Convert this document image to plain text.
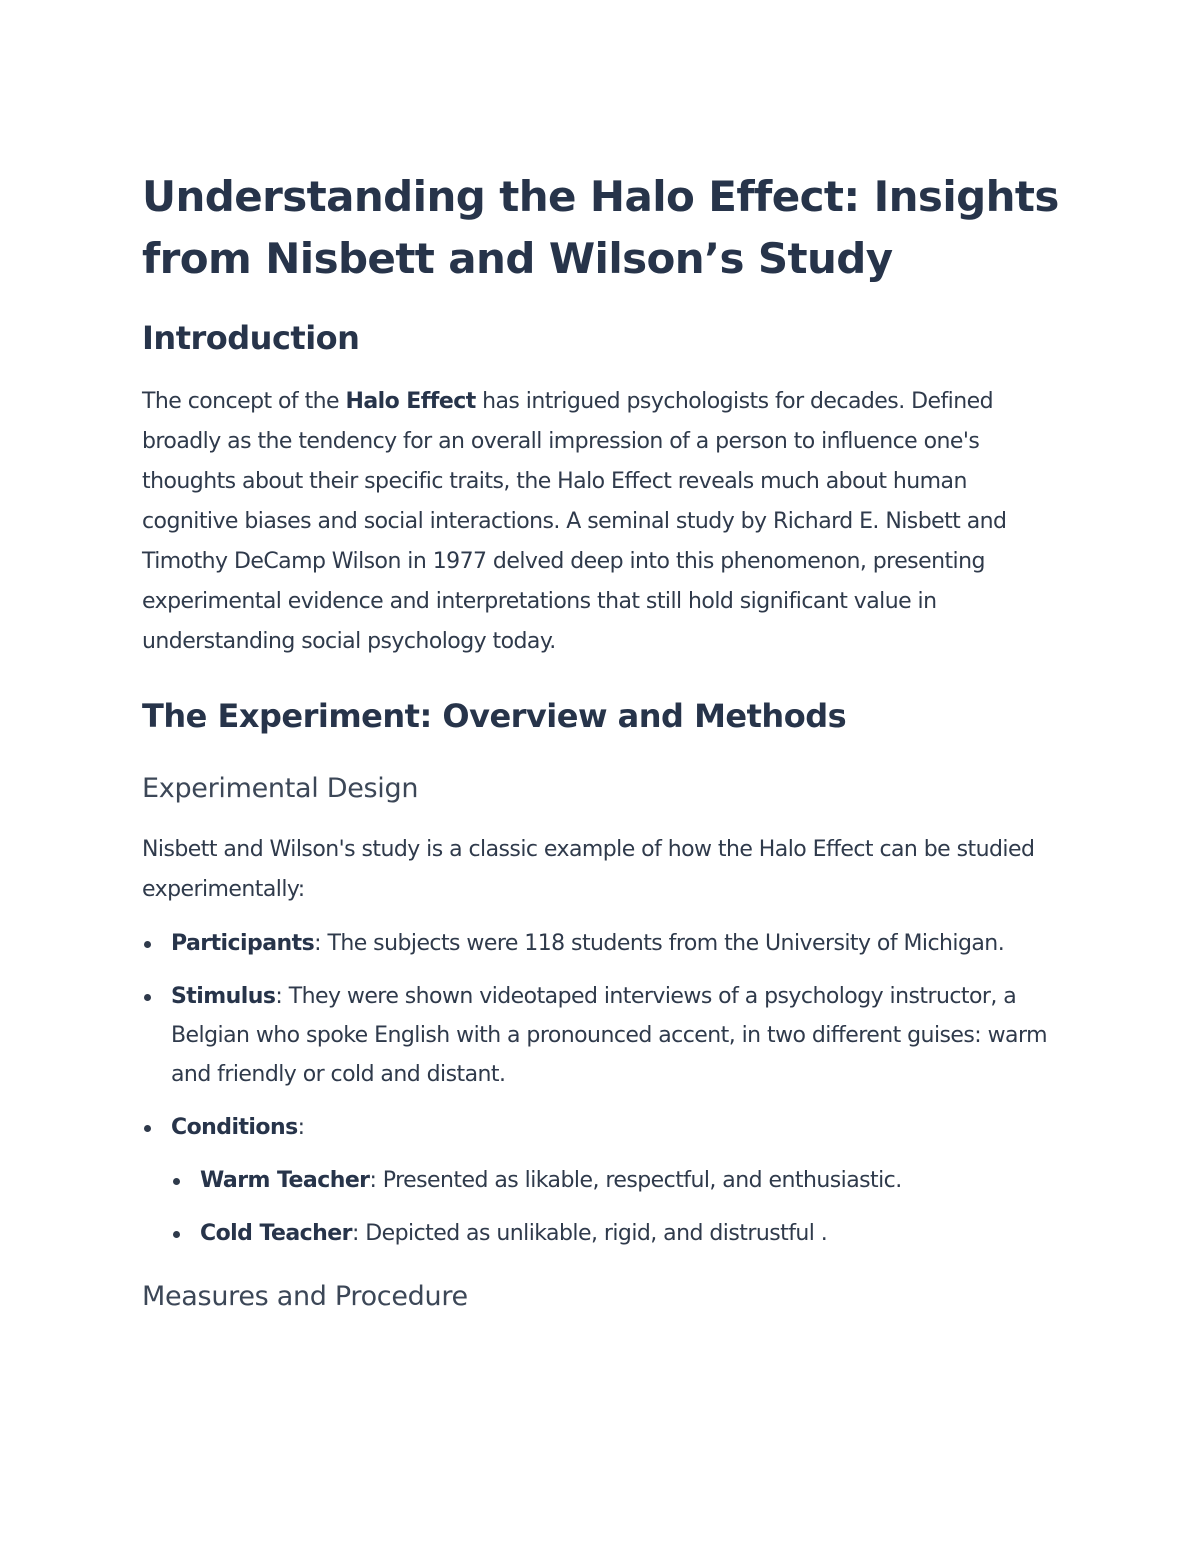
Understanding the Halo Effect: Insights from Nisbett and Wilson’s Study
Introduction

The concept of the Halo Effect has intrigued psychologists for decades. Defined broadly as the tendency for an overall impression of a person to influence one's thoughts about their specific traits, the Halo Effect reveals much about human cognitive biases and social interactions. A seminal study by Richard E. Nisbett and Timothy DeCamp Wilson in 1977 delved deep into this phenomenon, presenting experimental evidence and interpretations that still hold significant value in understanding social psychology today.

The Experiment: Overview and Methods
Experimental Design

Nisbett and Wilson's study is a classic example of how the Halo Effect can be studied experimentally:

Participants: The subjects were 118 students from the University of Michigan.
Stimulus: They were shown videotaped interviews of a psychology instructor, a Belgian who spoke English with a pronounced accent, in two different guises: warm and friendly or cold and distant.
Conditions:
Warm Teacher: Presented as likable, respectful, and enthusiastic.
Cold Teacher: Depicted as unlikable, rigid, and distrustful .
Measures and Procedure
